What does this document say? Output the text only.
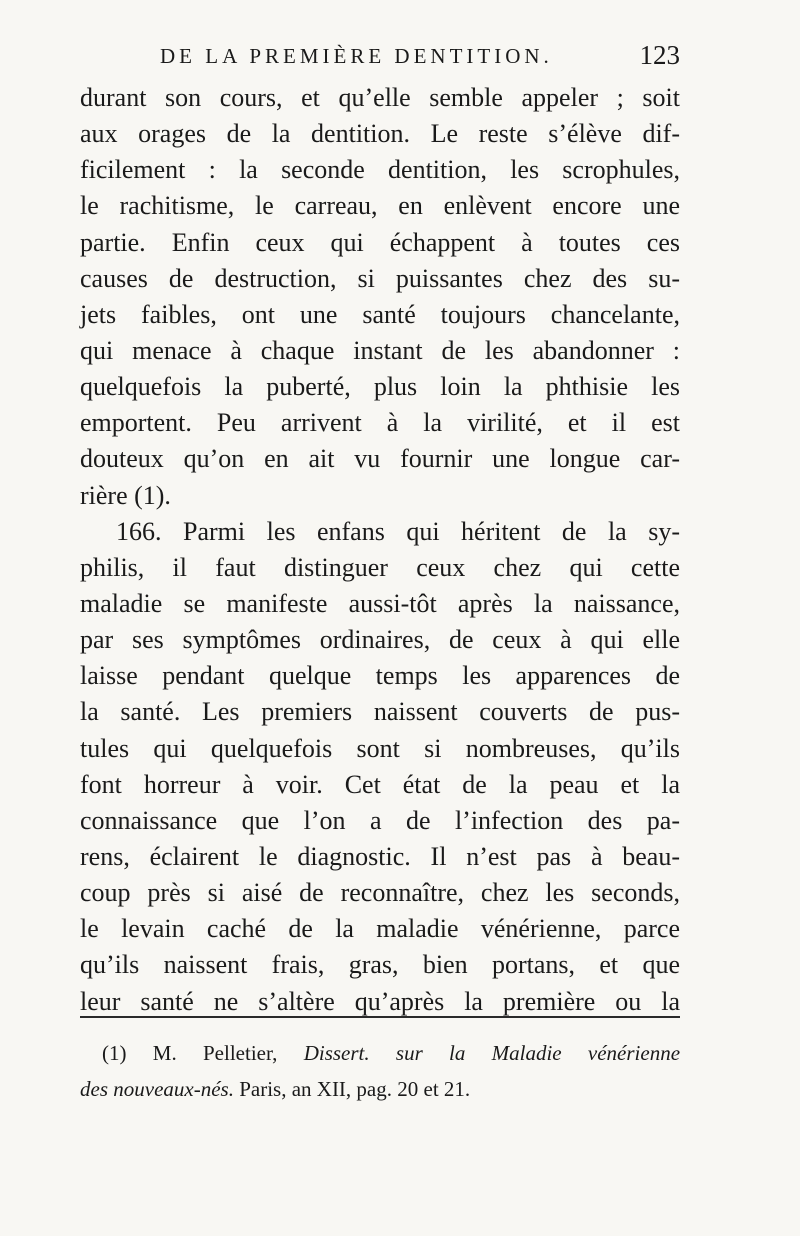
DE LA PREMIÈRE DENTITION.	123
durant son cours, et qu’elle semble appeler ; soit
aux orages de la dentition. Le reste s’élève dif-
ficilement : la seconde dentition, les scrophules,
le rachitisme, le carreau, en enlèvent encore une
partie. Enfin ceux qui échappent à toutes ces
causes de destruction, si puissantes chez des su-
jets faibles, ont une santé toujours chancelante,
qui menace à chaque instant de les abandonner :
quelquefois la puberté, plus loin la phthisie les
emportent. Peu arrivent à la virilité, et il est
douteux qu’on en ait vu fournir une longue car-
rière (1).
166. Parmi les enfans qui héritent de la sy-
philis, il faut distinguer ceux chez qui cette
maladie se manifeste aussi-tôt après la naissance,
par ses symptômes ordinaires, de ceux à qui elle
laisse pendant quelque temps les apparences de
la santé. Les premiers naissent couverts de pus-
tules qui quelquefois sont si nombreuses, qu’ils
font horreur à voir. Cet état de la peau et la
connaissance que l’on a de l’infection des pa-
rens, éclairent le diagnostic. Il n’est pas à beau-
coup près si aisé de reconnaître, chez les seconds,
le levain caché de la maladie vénérienne, parce
qu’ils naissent frais, gras, bien portans, et que
leur santé ne s’altère qu’après la première ou la
(1) M. Pelletier, Dissert. sur la Maladie vénérienne
des nouveaux-nés. Paris, an XII, pag. 20 et 21.
